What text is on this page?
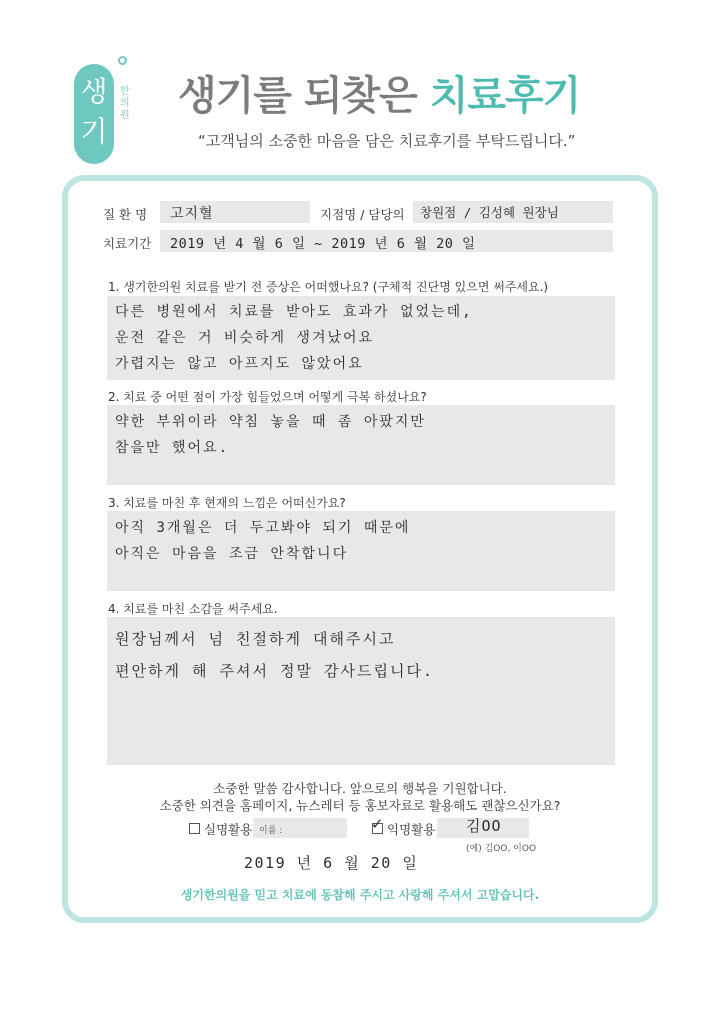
생기
한의원 생기를 되찾은 치료후기
“고객님의 소중한 마음을 담은 치료후기를 부탁드립니다.”
질 환 명 고지혈	지점명 / 담당의 창원점 / 김성혜 원장님
치료기간 2019 년 4 월 6 일 ~ 2019 년 6 월 20 일
1. 생기한의원 치료를 받기 전 증상은 어떠했나요? (구체적 진단명 있으면 써주세요.)
다른 병원에서 치료를 받아도 효과가 없었는데,
운전 같은 거 비슷하게 생겨났어요
가렵지는 않고 아프지도 않았어요
2. 치료 중 어떤 점이 가장 힘들었으며 어떻게 극복 하셨나요?
약한 부위이라 약침 놓을 때 좀 아팠지만
참을만 했어요.
3. 치료를 마친 후 현재의 느낌은 어떠신가요?
아직 3개월은 더 두고봐야 되기 때문에
아직은 마음을 조금 안착합니다
4. 치료를 마친 소감을 써주세요.
원장님께서 넘 친절하게 대해주시고
편안하게 해 주셔서 정말 감사드립니다.
소중한 말씀 감사합니다. 앞으로의 행복을 기원합니다.
소중한 의견을 홈페이지, 뉴스레터 등 홍보자료로 활용해도 괜찮으신가요?
실명활용 이름 :	✓ 익명활용 김OO
(예) 김OO, 이OO
2019 년 6 월 20 일
생기한의원을 믿고 치료에 동참해 주시고 사랑해 주셔서 고맙습니다.
